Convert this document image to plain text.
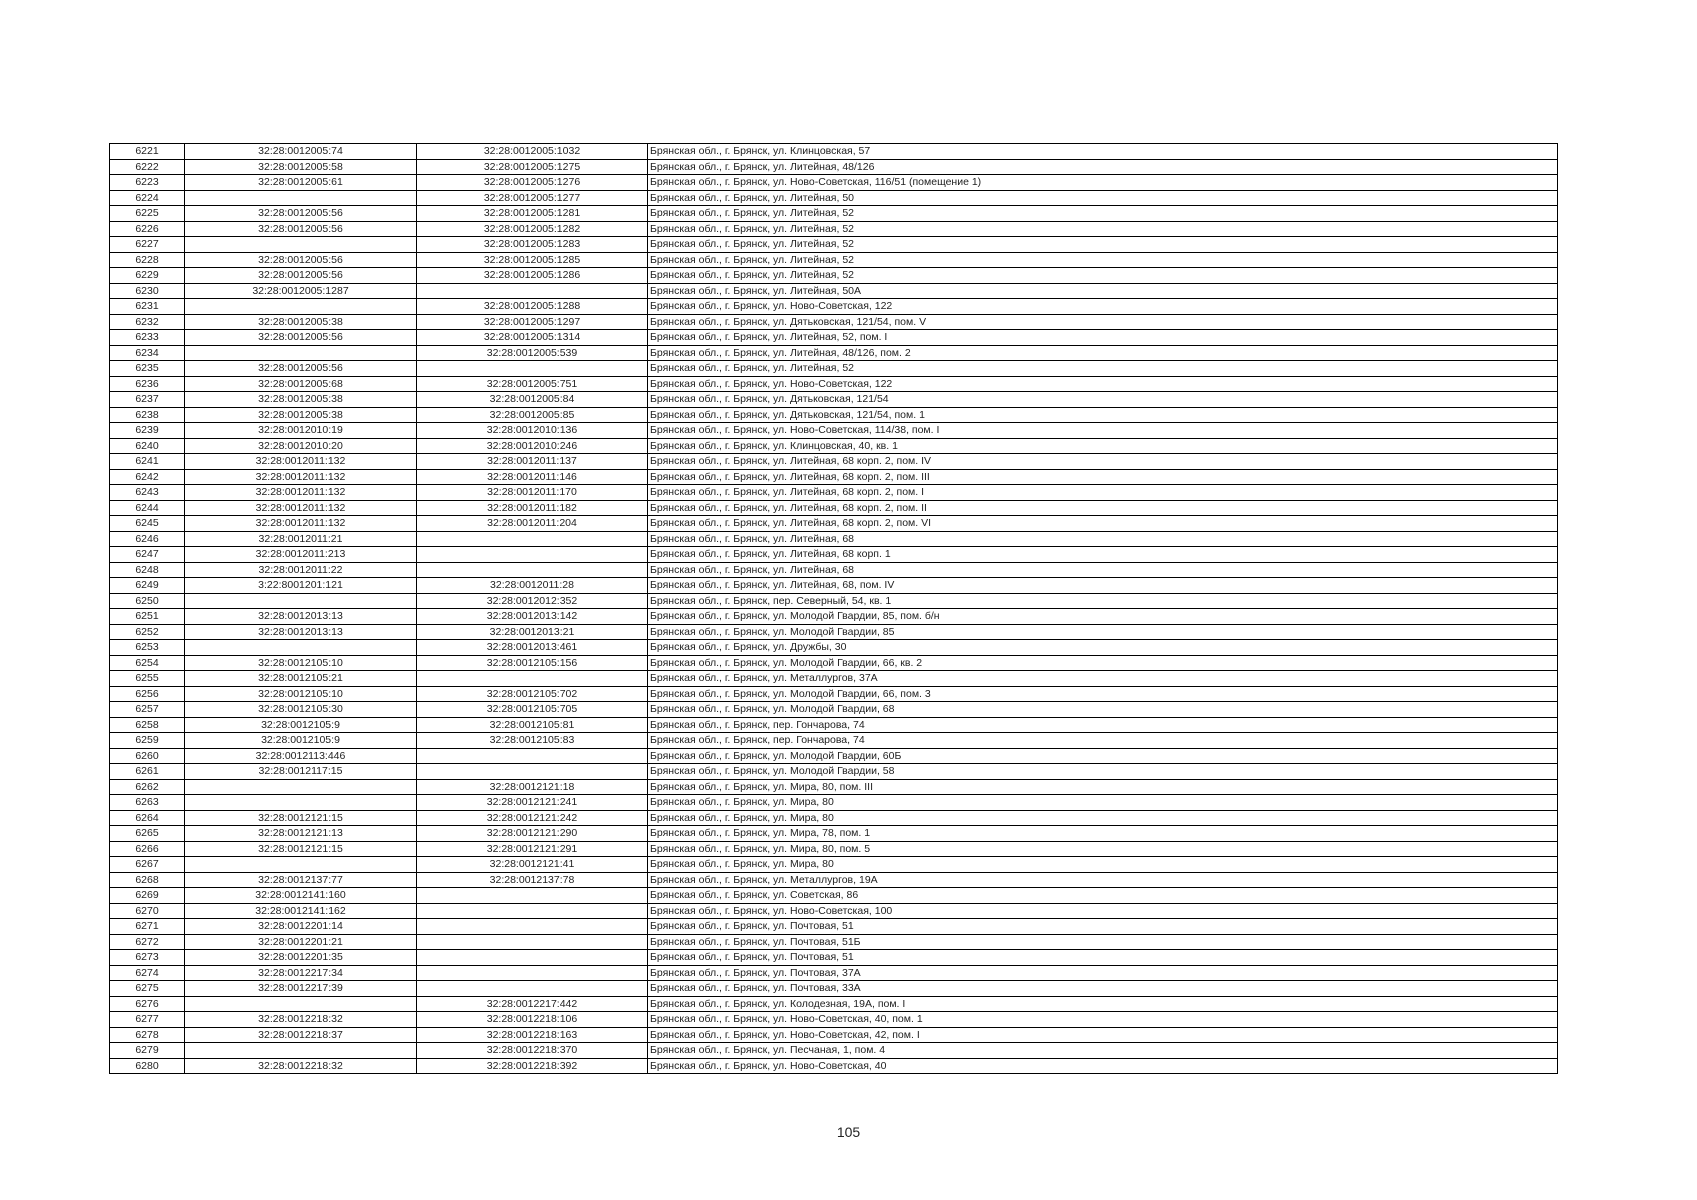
6221	32:28:0012005:74	32:28:0012005:1032	Брянская обл., г. Брянск, ул. Клинцовская, 57
6222	32:28:0012005:58	32:28:0012005:1275	Брянская обл., г. Брянск, ул. Литейная, 48/126
6223	32:28:0012005:61	32:28:0012005:1276	Брянская обл., г. Брянск, ул. Ново-Советская, 116/51 (помещение 1)
6224		32:28:0012005:1277	Брянская обл., г. Брянск, ул. Литейная, 50
6225	32:28:0012005:56	32:28:0012005:1281	Брянская обл., г. Брянск, ул. Литейная, 52
6226	32:28:0012005:56	32:28:0012005:1282	Брянская обл., г. Брянск, ул. Литейная, 52
6227		32:28:0012005:1283	Брянская обл., г. Брянск, ул. Литейная, 52
6228	32:28:0012005:56	32:28:0012005:1285	Брянская обл., г. Брянск, ул. Литейная, 52
6229	32:28:0012005:56	32:28:0012005:1286	Брянская обл., г. Брянск, ул. Литейная, 52
6230	32:28:0012005:1287		Брянская обл., г. Брянск, ул. Литейная, 50А
6231		32:28:0012005:1288	Брянская обл., г. Брянск, ул. Ново-Советская, 122
6232	32:28:0012005:38	32:28:0012005:1297	Брянская обл., г. Брянск, ул. Дятьковская, 121/54, пом. V
6233	32:28:0012005:56	32:28:0012005:1314	Брянская обл., г. Брянск, ул. Литейная, 52, пом. I
6234		32:28:0012005:539	Брянская обл., г. Брянск, ул. Литейная, 48/126, пом. 2
6235	32:28:0012005:56		Брянская обл., г. Брянск, ул. Литейная, 52
6236	32:28:0012005:68	32:28:0012005:751	Брянская обл., г. Брянск, ул. Ново-Советская, 122
6237	32:28:0012005:38	32:28:0012005:84	Брянская обл., г. Брянск, ул. Дятьковская, 121/54
6238	32:28:0012005:38	32:28:0012005:85	Брянская обл., г. Брянск, ул. Дятьковская, 121/54, пом. 1
6239	32:28:0012010:19	32:28:0012010:136	Брянская обл., г. Брянск, ул. Ново-Советская, 114/38, пом. I
6240	32:28:0012010:20	32:28:0012010:246	Брянская обл., г. Брянск, ул. Клинцовская, 40, кв. 1
6241	32:28:0012011:132	32:28:0012011:137	Брянская обл., г. Брянск, ул. Литейная, 68 корп. 2, пом. IV
6242	32:28:0012011:132	32:28:0012011:146	Брянская обл., г. Брянск, ул. Литейная, 68 корп. 2, пом. III
6243	32:28:0012011:132	32:28:0012011:170	Брянская обл., г. Брянск, ул. Литейная, 68 корп. 2, пом. I
6244	32:28:0012011:132	32:28:0012011:182	Брянская обл., г. Брянск, ул. Литейная, 68 корп. 2, пом. II
6245	32:28:0012011:132	32:28:0012011:204	Брянская обл., г. Брянск, ул. Литейная, 68 корп. 2, пом. VI
6246	32:28:0012011:21		Брянская обл., г. Брянск, ул. Литейная, 68
6247	32:28:0012011:213		Брянская обл., г. Брянск, ул. Литейная, 68 корп. 1
6248	32:28:0012011:22		Брянская обл., г. Брянск, ул. Литейная, 68
6249	3:22:8001201:121	32:28:0012011:28	Брянская обл., г. Брянск, ул. Литейная, 68, пом. IV
6250		32:28:0012012:352	Брянская обл., г. Брянск, пер. Северный, 54, кв. 1
6251	32:28:0012013:13	32:28:0012013:142	Брянская обл., г. Брянск, ул. Молодой Гвардии, 85, пом. б/н
6252	32:28:0012013:13	32:28:0012013:21	Брянская обл., г. Брянск, ул. Молодой Гвардии, 85
6253		32:28:0012013:461	Брянская обл., г. Брянск, ул. Дружбы, 30
6254	32:28:0012105:10	32:28:0012105:156	Брянская обл., г. Брянск, ул. Молодой Гвардии, 66, кв. 2
6255	32:28:0012105:21		Брянская обл., г. Брянск, ул. Металлургов, 37А
6256	32:28:0012105:10	32:28:0012105:702	Брянская обл., г. Брянск, ул. Молодой Гвардии, 66, пом. 3
6257	32:28:0012105:30	32:28:0012105:705	Брянская обл., г. Брянск, ул. Молодой Гвардии, 68
6258	32:28:0012105:9	32:28:0012105:81	Брянская обл., г. Брянск, пер. Гончарова, 74
6259	32:28:0012105:9	32:28:0012105:83	Брянская обл., г. Брянск, пер. Гончарова, 74
6260	32:28:0012113:446		Брянская обл., г. Брянск, ул. Молодой Гвардии, 60Б
6261	32:28:0012117:15		Брянская обл., г. Брянск, ул. Молодой Гвардии, 58
6262		32:28:0012121:18	Брянская обл., г. Брянск, ул. Мира, 80, пом. III
6263		32:28:0012121:241	Брянская обл., г. Брянск, ул. Мира, 80
6264	32:28:0012121:15	32:28:0012121:242	Брянская обл., г. Брянск, ул. Мира, 80
6265	32:28:0012121:13	32:28:0012121:290	Брянская обл., г. Брянск, ул. Мира, 78, пом. 1
6266	32:28:0012121:15	32:28:0012121:291	Брянская обл., г. Брянск, ул. Мира, 80, пом. 5
6267		32:28:0012121:41	Брянская обл., г. Брянск, ул. Мира, 80
6268	32:28:0012137:77	32:28:0012137:78	Брянская обл., г. Брянск, ул. Металлургов, 19А
6269	32:28:0012141:160		Брянская обл., г. Брянск, ул. Советская, 86
6270	32:28:0012141:162		Брянская обл., г. Брянск, ул. Ново-Советская, 100
6271	32:28:0012201:14		Брянская обл., г. Брянск, ул. Почтовая, 51
6272	32:28:0012201:21		Брянская обл., г. Брянск, ул. Почтовая, 51Б
6273	32:28:0012201:35		Брянская обл., г. Брянск, ул. Почтовая, 51
6274	32:28:0012217:34		Брянская обл., г. Брянск, ул. Почтовая, 37А
6275	32:28:0012217:39		Брянская обл., г. Брянск, ул. Почтовая, 33А
6276		32:28:0012217:442	Брянская обл., г. Брянск, ул. Колодезная, 19А, пом. I
6277	32:28:0012218:32	32:28:0012218:106	Брянская обл., г. Брянск, ул. Ново-Советская, 40, пом. 1
6278	32:28:0012218:37	32:28:0012218:163	Брянская обл., г. Брянск, ул. Ново-Советская, 42, пом. I
6279		32:28:0012218:370	Брянская обл., г. Брянск, ул. Песчаная, 1, пом. 4
6280	32:28:0012218:32	32:28:0012218:392	Брянская обл., г. Брянск, ул. Ново-Советская, 40
105
